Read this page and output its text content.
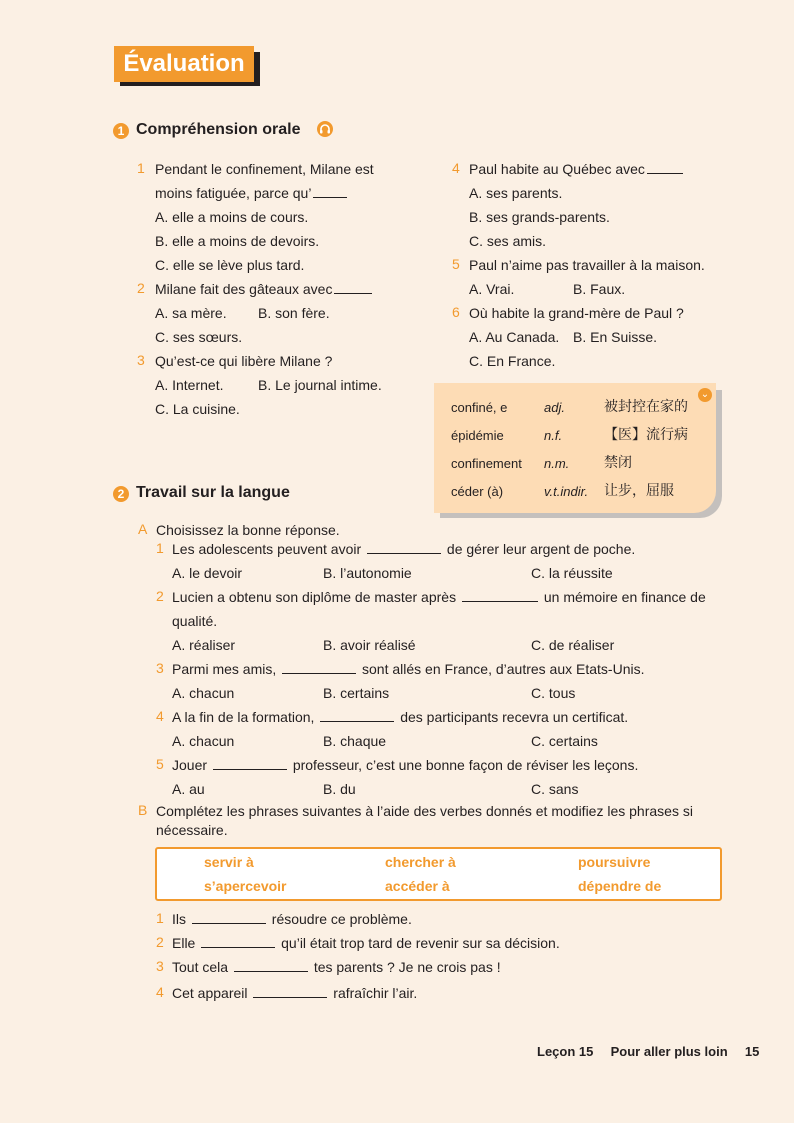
Évaluation
1 Compréhension orale
1 Pendant le confinement, Milane est
moins fatiguée, parce qu’
A. elle a moins de cours.
B. elle a moins de devoirs.
C. elle se lève plus tard.
2 Milane fait des gâteaux avec
A. sa mère. B. son fère.
C. ses sœurs.
3 Qu’est-ce qui libère Milane ?
A. Internet. B. Le journal intime.
C. La cuisine.
4 Paul habite au Québec avec
A. ses parents.
B. ses grands-parents.
C. ses amis.
5 Paul n’aime pas travailler à la maison.
A. Vrai.	B. Faux.
6 Où habite la grand-mère de Paul ?
A. Au Canada. B. En Suisse.
C. En France.
⌄
confiné, e	adj.	被封控在家的
épidémie	n.f.	【医】流行病
confinement n.m. 禁闭
céder (à)	v.t.indir. 让步，屈服
2 Travail sur la langue
A Choisissez la bonne réponse.
1 Les adolescents peuvent avoir	de gérer leur argent de poche.
A. le devoir	B. l’autonomie	C. la réussite
2 Lucien a obtenu son diplôme de master après	un mémoire en finance de
qualité.
A. réaliser	B. avoir réalisé	C. de réaliser
3 Parmi mes amis,	sont allés en France, d’autres aux Etats-Unis.
A. chacun	B. certains	C. tous
4 A la fin de la formation,	des participants recevra un certificat.
A. chacun	B. chaque	C. certains
5 Jouer	professeur, c’est une bonne façon de réviser les leçons.
A. au	B. du	C. sans
B Complétez les phrases suivantes à l’aide des verbes donnés et modifiez les phrases si
nécessaire.
servir à	chercher à	poursuivre
s’apercevoir	accéder à	dépendre de
1 Ils	résoudre ce problème.
2 Elle	qu’il était trop tard de revenir sur sa décision.
3 Tout cela	tes parents ? Je ne crois pas !
4 Cet appareil	rafraîchir l’air.
Leçon 15 Pour aller plus loin 15
